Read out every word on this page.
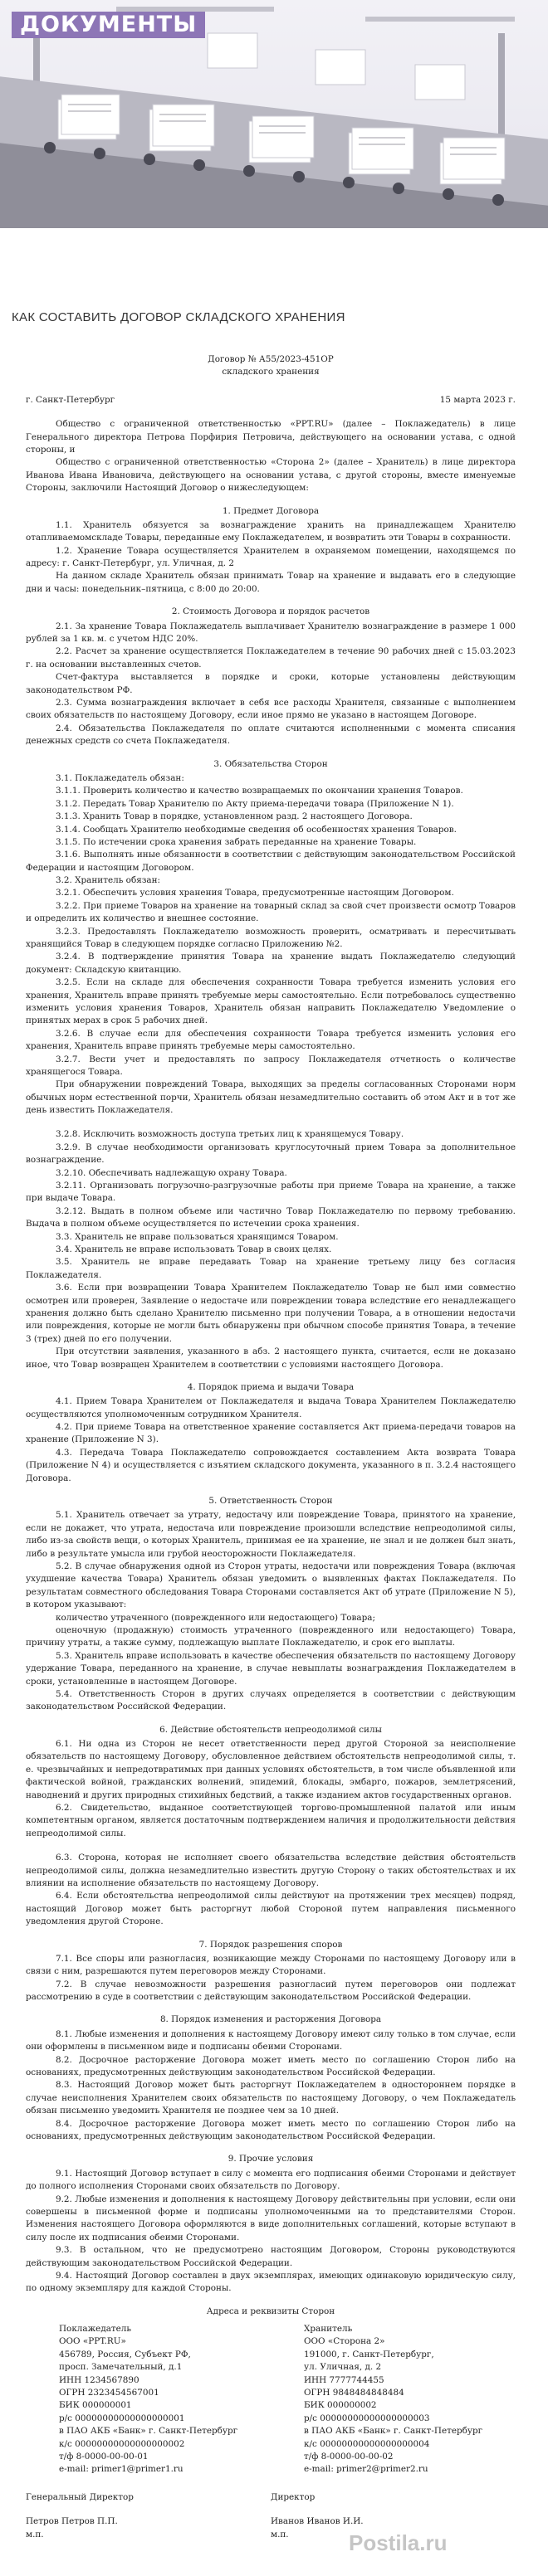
ДОКУМЕНТЫ
КАК СОСТАВИТЬ ДОГОВОР СКЛАДСКОГО ХРАНЕНИЯ

Договор № А55/2023-451ОР

складского хранения

г. Санкт-Петербург	15 марта 2023 г.

Общество с ограниченной ответственностью «PPT.RU» (далее – Поклажедатель) в лице Генерального директора Петрова Порфирия Петровича, действующего на основании устава, с одной стороны, и

Общество с ограниченной ответственностью «Сторона 2» (далее – Хранитель) в лице директора Иванова Ивана Ивановича, действующего на основании устава, с другой стороны, вместе именуемые Стороны, заключили Настоящий Договор о нижеследующем:

1. Предмет Договора

1.1. Хранитель обязуется за вознаграждение хранить на принадлежащем Хранителю отапливаемомскладе Товары, переданные ему Поклажедателем, и возвратить эти Товары в сохранности.

1.2. Хранение Товара осуществляется Хранителем в охраняемом помещении, находящемся по адресу: г. Санкт-Петербург, ул. Уличная, д. 2

На данном складе Хранитель обязан принимать Товар на хранение и выдавать его в следующие дни и часы: понедельник–пятница, с 8:00 до 20:00.

2. Стоимость Договора и порядок расчетов

2.1. За хранение Товара Поклажедатель выплачивает Хранителю вознаграждение в размере 1 000 рублей за 1 кв. м. с учетом НДС 20%.

2.2. Расчет за хранение осуществляется Поклажедателем в течение 90 рабочих дней с 15.03.2023 г. на основании выставленных счетов.

Счет-фактура выставляется в порядке и сроки, которые установлены действующим законодательством РФ.

2.3. Сумма вознаграждения включает в себя все расходы Хранителя, связанные с выполнением своих обязательств по настоящему Договору, если иное прямо не указано в настоящем Договоре.

2.4. Обязательства Поклажедателя по оплате считаются исполненными с момента списания денежных средств со счета Поклажедателя.

3. Обязательства Сторон

3.1. Поклажедатель обязан:

3.1.1. Проверить количество и качество возвращаемых по окончании хранения Товаров.

3.1.2. Передать Товар Хранителю по Акту приема-передачи товара (Приложение N 1).

3.1.3. Хранить Товар в порядке, установленном разд. 2 настоящего Договора.

3.1.4. Сообщать Хранителю необходимые сведения об особенностях хранения Товаров.

3.1.5. По истечении срока хранения забрать переданные на хранение Товары.

3.1.6. Выполнять иные обязанности в соответствии с действующим законодательством Российской Федерации и настоящим Договором.

3.2. Хранитель обязан:

3.2.1. Обеспечить условия хранения Товара, предусмотренные настоящим Договором.

3.2.2. При приеме Товаров на хранение на товарный склад за свой счет произвести осмотр Товаров и определить их количество и внешнее состояние.

3.2.3. Предоставлять Поклажедателю возможность проверить, осматривать и пересчитывать хранящийся Товар в следующем порядке согласно Приложению №2.

3.2.4. В подтверждение принятия Товара на хранение выдать Поклажедателю следующий документ: Складскую квитанцию.

3.2.5. Если на складе для обеспечения сохранности Товара требуется изменить условия его хранения, Хранитель вправе принять требуемые меры самостоятельно. Если потребовалось существенно изменить условия хранения Товаров, Хранитель обязан направить Поклажедателю Уведомление о принятых мерах в срок 5 рабочих дней.

3.2.6. В случае если для обеспечения сохранности Товара требуется изменить условия его хранения, Хранитель вправе принять требуемые меры самостоятельно.

3.2.7. Вести учет и предоставлять по запросу Поклажедателя отчетность о количестве хранящегося Товара.

При обнаружении повреждений Товара, выходящих за пределы согласованных Сторонами норм обычных норм естественной порчи, Хранитель обязан незамедлительно составить об этом Акт и в тот же день известить Поклажедателя.

3.2.8. Исключить возможность доступа третьих лиц к хранящемуся Товару.

3.2.9. В случае необходимости организовать круглосуточный прием Товара за дополнительное вознаграждение.

3.2.10. Обеспечивать надлежащую охрану Товара.

3.2.11. Организовать погрузочно-разгрузочные работы при приеме Товара на хранение, а также при выдаче Товара.

3.2.12. Выдать в полном объеме или частично Товар Поклажедателю по первому требованию. Выдача в полном объеме осуществляется по истечении срока хранения.

3.3. Хранитель не вправе пользоваться хранящимся Товаром.

3.4. Хранитель не вправе использовать Товар в своих целях.

3.5. Хранитель не вправе передавать Товар на хранение третьему лицу без согласия Поклажедателя.

3.6. Если при возвращении Товара Хранителем Поклажедателю Товар не был ими совместно осмотрен или проверен, Заявление о недостаче или повреждении товара вследствие его ненадлежащего хранения должно быть сделано Хранителю письменно при получении Товара, а в отношении недостачи или повреждения, которые не могли быть обнаружены при обычном способе принятия Товара, в течение 3 (трех) дней по его получении.

При отсутствии заявления, указанного в абз. 2 настоящего пункта, считается, если не доказано иное, что Товар возвращен Хранителем в соответствии с условиями настоящего Договора.

4. Порядок приема и выдачи Товара

4.1. Прием Товара Хранителем от Поклажедателя и выдача Товара Хранителем Поклажедателю осуществляются уполномоченным сотрудником Хранителя.

4.2. При приеме Товара на ответственное хранение составляется Акт приема-передачи товаров на хранение (Приложение N 3).

4.3. Передача Товара Поклажедателю сопровождается составлением Акта возврата Товара (Приложение N 4) и осуществляется с изъятием складского документа, указанного в п. 3.2.4 настоящего Договора.

5. Ответственность Сторон

5.1. Хранитель отвечает за утрату, недостачу или повреждение Товара, принятого на хранение, если не докажет, что утрата, недостача или повреждение произошли вследствие непреодолимой силы, либо из-за свойств вещи, о которых Хранитель, принимая ее на хранение, не знал и не должен был знать, либо в результате умысла или грубой неосторожности Поклажедателя.

5.2. В случае обнаружения одной из Сторон утраты, недостачи или повреждения Товара (включая ухудшение качества Товара) Хранитель обязан уведомить о выявленных фактах Поклажедателя. По результатам совместного обследования Товара Сторонами составляется Акт об утрате (Приложение N 5), в котором указывают:

количество утраченного (поврежденного или недостающего) Товара;

оценочную (продажную) стоимость утраченного (поврежденного или недостающего) Товара, причину утраты, а также сумму, подлежащую выплате Поклажедателю, и срок его выплаты.

5.3. Хранитель вправе использовать в качестве обеспечения обязательств по настоящему Договору удержание Товара, переданного на хранение, в случае невыплаты вознаграждения Поклажедателем в сроки, установленные в настоящем Договоре.

5.4. Ответственность Сторон в других случаях определяется в соответствии с действующим законодательством Российской Федерации.

6. Действие обстоятельств непреодолимой силы

6.1. Ни одна из Сторон не несет ответственности перед другой Стороной за неисполнение обязательств по настоящему Договору, обусловленное действием обстоятельств непреодолимой силы, т. е. чрезвычайных и непредотвратимых при данных условиях обстоятельств, в том числе объявленной или фактической войной, гражданских волнений, эпидемий, блокады, эмбарго, пожаров, землетрясений, наводнений и других природных стихийных бедствий, а также изданием актов государственных органов.

6.2. Свидетельство, выданное соответствующей торгово-промышленной палатой или иным компетентным органом, является достаточным подтверждением наличия и продолжительности действия непреодолимой силы.

6.3. Сторона, которая не исполняет своего обязательства вследствие действия обстоятельств непреодолимой силы, должна незамедлительно известить другую Сторону о таких обстоятельствах и их влиянии на исполнение обязательств по настоящему Договору.

6.4. Если обстоятельства непреодолимой силы действуют на протяжении трех месяцев) подряд, настоящий Договор может быть расторгнут любой Стороной путем направления письменного уведомления другой Стороне.

7. Порядок разрешения споров

7.1. Все споры или разногласия, возникающие между Сторонами по настоящему Договору или в связи с ним, разрешаются путем переговоров между Сторонами.

7.2. В случае невозможности разрешения разногласий путем переговоров они подлежат рассмотрению в суде в соответствии с действующим законодательством Российской Федерации.

8. Порядок изменения и расторжения Договора

8.1. Любые изменения и дополнения к настоящему Договору имеют силу только в том случае, если они оформлены в письменном виде и подписаны обеими Сторонами.

8.2. Досрочное расторжение Договора может иметь место по соглашению Сторон либо на основаниях, предусмотренных действующим законодательством Российской Федерации.

8.3. Настоящий Договор может быть расторгнут Поклажедателем в одностороннем порядке в случае неисполнения Хранителем своих обязательств по настоящему Договору, о чем Поклажедатель обязан письменно уведомить Хранителя не позднее чем за 10 дней.

8.4. Досрочное расторжение Договора может иметь место по соглашению Сторон либо на основаниях, предусмотренных действующим законодательством Российской Федерации.

9. Прочие условия

9.1. Настоящий Договор вступает в силу с момента его подписания обеими Сторонами и действует до полного исполнения Сторонами своих обязательств по Договору.

9.2. Любые изменения и дополнения к настоящему Договору действительны при условии, если они совершены в письменной форме и подписаны уполномоченными на то представителями Сторон. Изменения настоящего Договора оформляются в виде дополнительных соглашений, которые вступают в силу после их подписания обеими Сторонами.

9.3. В остальном, что не предусмотрено настоящим Договором, Стороны руководствуются действующим законодательством Российской Федерации.

9.4. Настоящий Договор составлен в двух экземплярах, имеющих одинаковую юридическую силу, по одному экземпляру для каждой Стороны.

Адреса и реквизиты Сторон

Поклажедатель

ООО «PPT.RU»

456789, Россия, Субъект РФ,

просп. Замечательный, д.1

ИНН 1234567890

ОГРН 2323454567001

БИК 000000001

р/с 00000000000000000001

в ПАО АКБ «Банк» г. Санкт-Петербург

к/с 00000000000000000002

т/ф 8-0000-00-00-01

e-mail: primer1@primer1.ru

Хранитель

ООО «Сторона 2»

191000, г. Санкт-Петербург,

ул. Уличная, д. 2

ИНН 7777744455

ОГРН 9848484848484

БИК 000000002

р/с 00000000000000000003

в ПАО АКБ «Банк» г. Санкт-Петербург

к/с 00000000000000000004

т/ф 8-0000-00-00-02

e-mail: primer2@primer2.ru

Генеральный Директор

Петров Петров П.П.

м.п.

Директор

Иванов Иванов И.И.

м.п.	Postila.ru
